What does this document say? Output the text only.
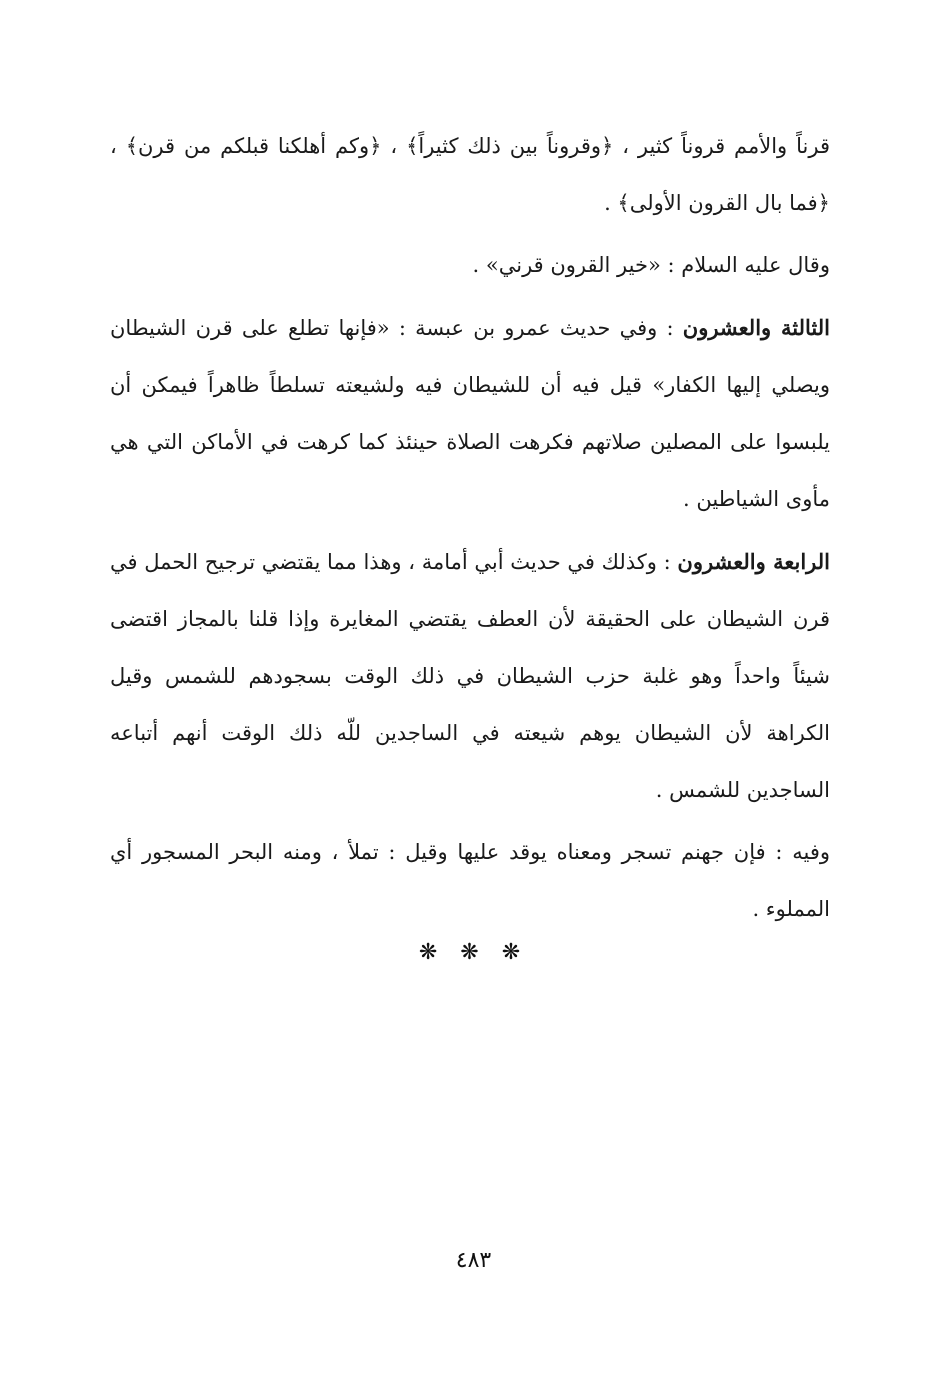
قرناً والأمم قروناً كثير ، ﴿وقروناً بين ذلك كثيراً﴾ ، ﴿وكم أهلكنا قبلكم من قرن﴾ ، ﴿فما بال القرون الأولى﴾ .

وقال عليه السلام : «خير القرون قرني» .

الثالثة والعشرون : وفي حديث عمرو بن عبسة : «فإنها تطلع على قرن الشيطان ويصلي إليها الكفار» قيل فيه أن للشيطان فيه ولشيعته تسلطاً ظاهراً فيمكن أن يلبسوا على المصلين صلاتهم فكرهت الصلاة حينئذ كما كرهت في الأماكن التي هي مأوى الشياطين .

الرابعة والعشرون : وكذلك في حديث أبي أمامة ، وهذا مما يقتضي ترجيح الحمل في قرن الشيطان على الحقيقة لأن العطف يقتضي المغايرة وإذا قلنا بالمجاز اقتضى شيئاً واحداً وهو غلبة حزب الشيطان في ذلك الوقت بسجودهم للشمس وقيل الكراهة لأن الشيطان يوهم شيعته في الساجدين للّه ذلك الوقت أنهم أتباعه الساجدين للشمس .

وفيه : فإن جهنم تسجر ومعناه يوقد عليها وقيل : تملأ ، ومنه البحر المسجور أي المملوء .

❋ ❋ ❋
٤٨٣
